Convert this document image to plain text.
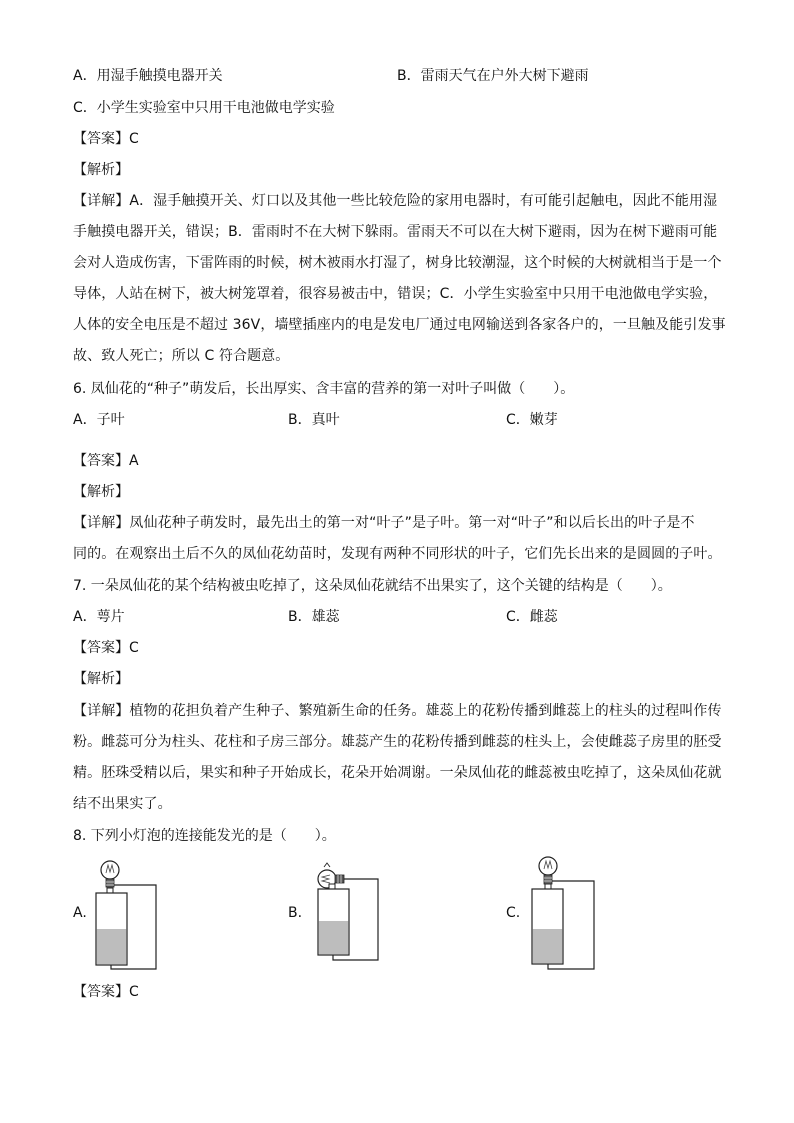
A．用湿手触摸电器开关	B．雷雨天气在户外大树下避雨

C．小学生实验室中只用干电池做电学实验

【答案】C

【解析】

【详解】A．湿手触摸开关、灯口以及其他一些比较危险的家用电器时，有可能引起触电，因此不能用湿
手触摸电器开关，错误；B．雷雨时不在大树下躲雨。雷雨天不可以在大树下避雨，因为在树下避雨可能
会对人造成伤害，下雷阵雨的时候，树木被雨水打湿了，树身比较潮湿，这个时候的大树就相当于是一个
导体，人站在树下，被大树笼罩着，很容易被击中，错误；C．小学生实验室中只用干电池做电学实验，
人体的安全电压是不超过 36V，墙壁插座内的电是发电厂通过电网输送到各家各户的，一旦触及能引发事
故、致人死亡；所以 C 符合题意。

6. 凤仙花的“种子”萌发后，长出厚实、含丰富的营养的第一对叶子叫做（　　）。

A．子叶	B．真叶	C．嫩芽

【答案】A

【解析】

【详解】凤仙花种子萌发时，最先出土的第一对“叶子”是子叶。第一对“叶子”和以后长出的叶子是不
同的。在观察出土后不久的凤仙花幼苗时，发现有两种不同形状的叶子，它们先长出来的是圆圆的子叶。

7. 一朵凤仙花的某个结构被虫吃掉了，这朵凤仙花就结不出果实了，这个关键的结构是（　　）。

A．萼片	B．雄蕊	C．雌蕊

【答案】C

【解析】

【详解】植物的花担负着产生种子、繁殖新生命的任务。雄蕊上的花粉传播到雌蕊上的柱头的过程叫作传
粉。雌蕊可分为柱头、花柱和子房三部分。雄蕊产生的花粉传播到雌蕊的柱头上，会使雌蕊子房里的胚受
精。胚珠受精以后，果实和种子开始成长，花朵开始凋谢。一朵凤仙花的雌蕊被虫吃掉了，这朵凤仙花就
结不出果实了。

8. 下列小灯泡的连接能发光的是（　　）。

A.	B.	C.

【答案】C
